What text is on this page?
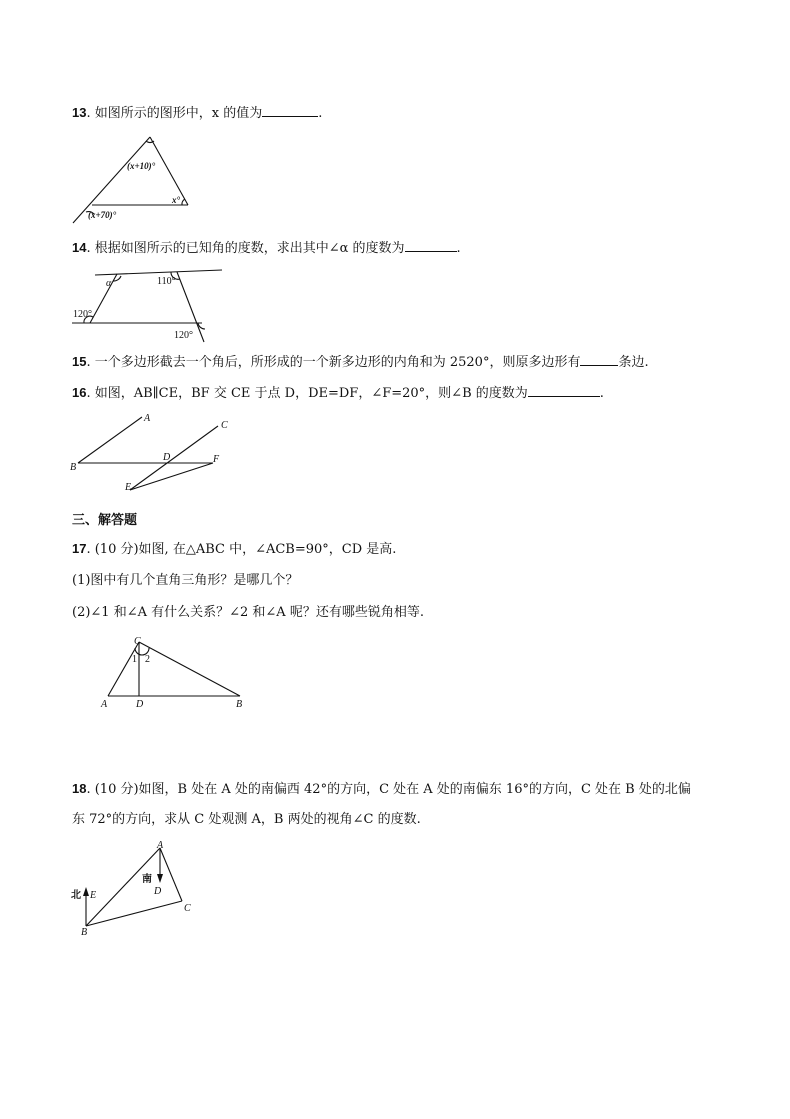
13. 如图所示的图形中，x 的值为	.
(x+10)°
x°
(x+70)°
14. 根据如图所示的已知角的度数，求出其中∠α 的度数为	.
α	110°
120°
120°
15. 一个多边形截去一个角后，所形成的一个新多边形的内角和为 2520°，则原多边形有	条边.
16. 如图，AB∥CE，BF 交 CE 于点 D，DE=DF，∠F=20°，则∠B 的度数为	.
A
B
C
D
E
F
三、解答题
17. (10 分)如图, 在△ABC 中，∠ACB=90°，CD 是高.
(1)图中有几个直角三角形？是哪几个？
(2)∠1 和∠A 有什么关系？∠2 和∠A 呢？还有哪些锐角相等.
C
1 2
A	D	B
18. (10 分)如图，B 处在 A 处的南偏西 42°的方向，C 处在 A 处的南偏东 16°的方向，C 处在 B 处的北偏
东 72°的方向，求从 C 处观测 A，B 两处的视角∠C 的度数.
A
B
C
D
E
南
北
